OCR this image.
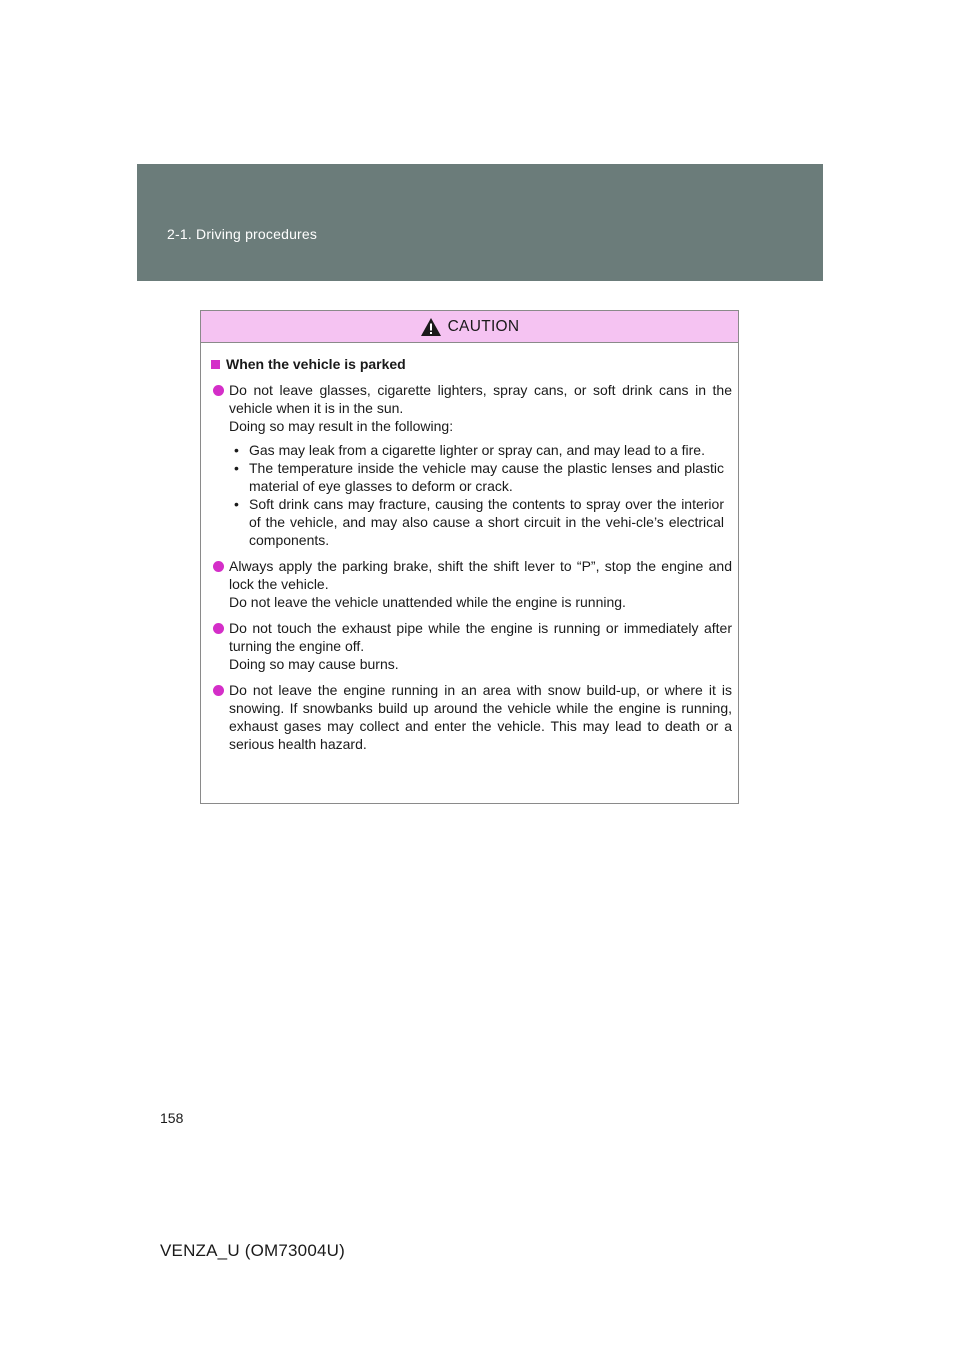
2-1. Driving procedures
CAUTION
When the vehicle is parked

Do not leave glasses, cigarette lighters, spray cans, or soft drink cans in the vehicle when it is in the sun.

Doing so may result in the following:

• Gas may leak from a cigarette lighter or spray can, and may lead to a fire.
• The temperature inside the vehicle may cause the plastic lenses and plastic material of eye glasses to deform or crack.
• Soft drink cans may fracture, causing the contents to spray over the interior of the vehicle, and may also cause a short circuit in the vehi-cle’s electrical components.

Always apply the parking brake, shift the shift lever to “P”, stop the engine and lock the vehicle.

Do not leave the vehicle unattended while the engine is running.

Do not touch the exhaust pipe while the engine is running or immediately after turning the engine off.

Doing so may cause burns.

Do not leave the engine running in an area with snow build-up, or where it is snowing. If snowbanks build up around the vehicle while the engine is running, exhaust gases may collect and enter the vehicle. This may lead to death or a serious health hazard.

158
VENZA_U (OM73004U)
